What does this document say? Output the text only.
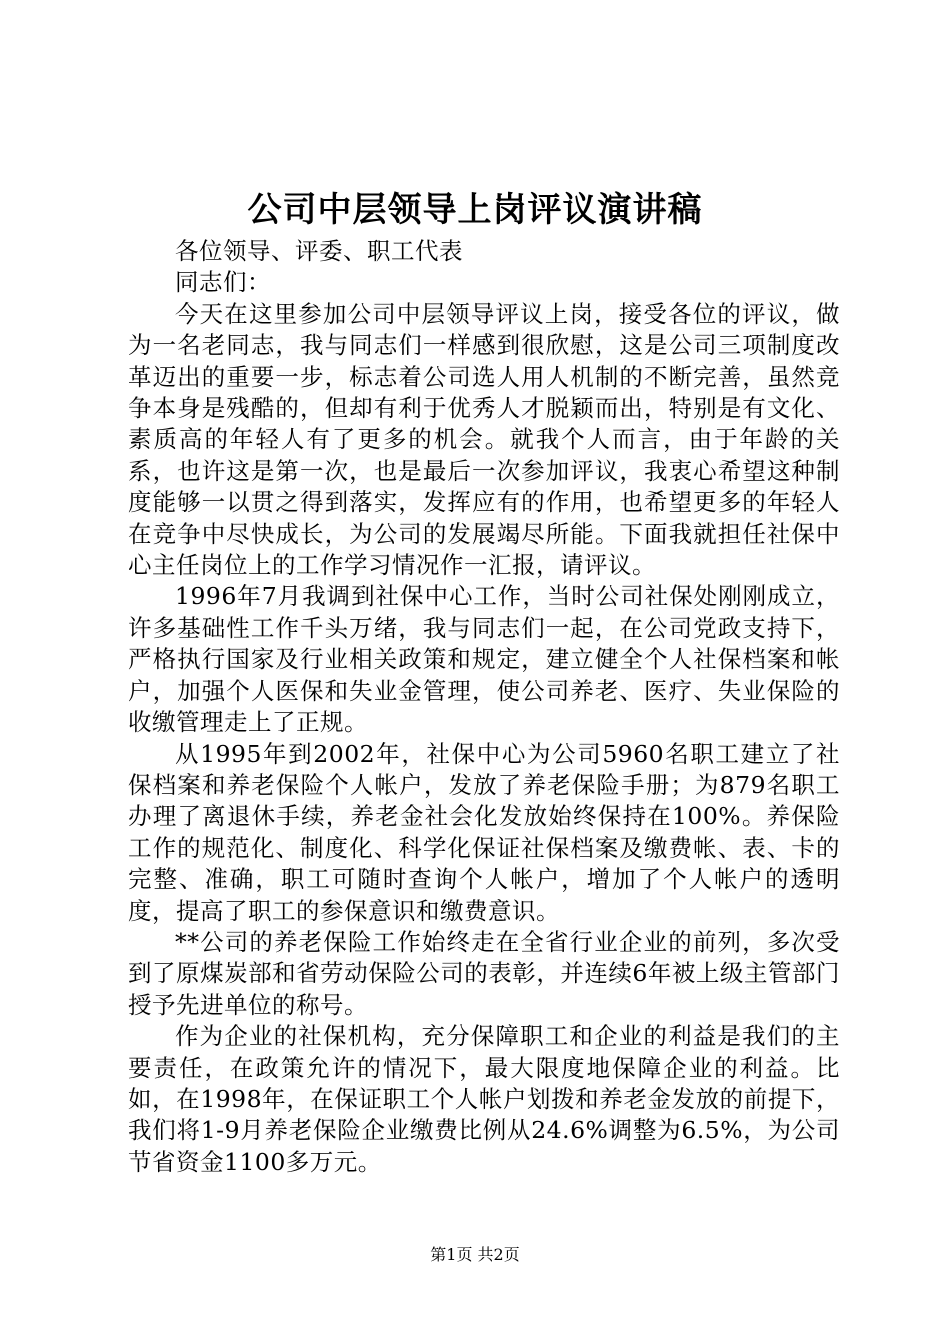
公司中层领导上岗评议演讲稿

各位领导、评委、职工代表

同志们：

今天在这里参加公司中层领导评议上岗，接受各位的评议，做为一名老同志，我与同志们一样感到很欣慰，这是公司三项制度改革迈出的重要一步，标志着公司选人用人机制的不断完善，虽然竞争本身是残酷的，但却有利于优秀人才脱颖而出，特别是有文化、素质高的年轻人有了更多的机会。就我个人而言，由于年龄的关系，也许这是第一次，也是最后一次参加评议，我衷心希望这种制度能够一以贯之得到落实，发挥应有的作用，也希望更多的年轻人在竞争中尽快成长，为公司的发展竭尽所能。下面我就担任社保中心主任岗位上的工作学习情况作一汇报，请评议。

1996年7月我调到社保中心工作，当时公司社保处刚刚成立，许多基础性工作千头万绪，我与同志们一起，在公司党政支持下，严格执行国家及行业相关政策和规定，建立健全个人社保档案和帐户，加强个人医保和失业金管理，使公司养老、医疗、失业保险的收缴管理走上了正规。

从1995年到2002年，社保中心为公司5960名职工建立了社保档案和养老保险个人帐户，发放了养老保险手册；为879名职工办理了离退休手续，养老金社会化发放始终保持在100%。养保险工作的规范化、制度化、科学化保证社保档案及缴费帐、表、卡的完整、准确，职工可随时查询个人帐户，增加了个人帐户的透明度，提高了职工的参保意识和缴费意识。

**公司的养老保险工作始终走在全省行业企业的前列，多次受到了原煤炭部和省劳动保险公司的表彰，并连续6年被上级主管部门授予先进单位的称号。

作为企业的社保机构，充分保障职工和企业的利益是我们的主要责任，在政策允许的情况下，最大限度地保障企业的利益。比如，在1998年，在保证职工个人帐户划拨和养老金发放的前提下，我们将1-9月养老保险企业缴费比例从24.6%调整为6.5%，为公司节省资金1100多万元。

第1页 共2页
